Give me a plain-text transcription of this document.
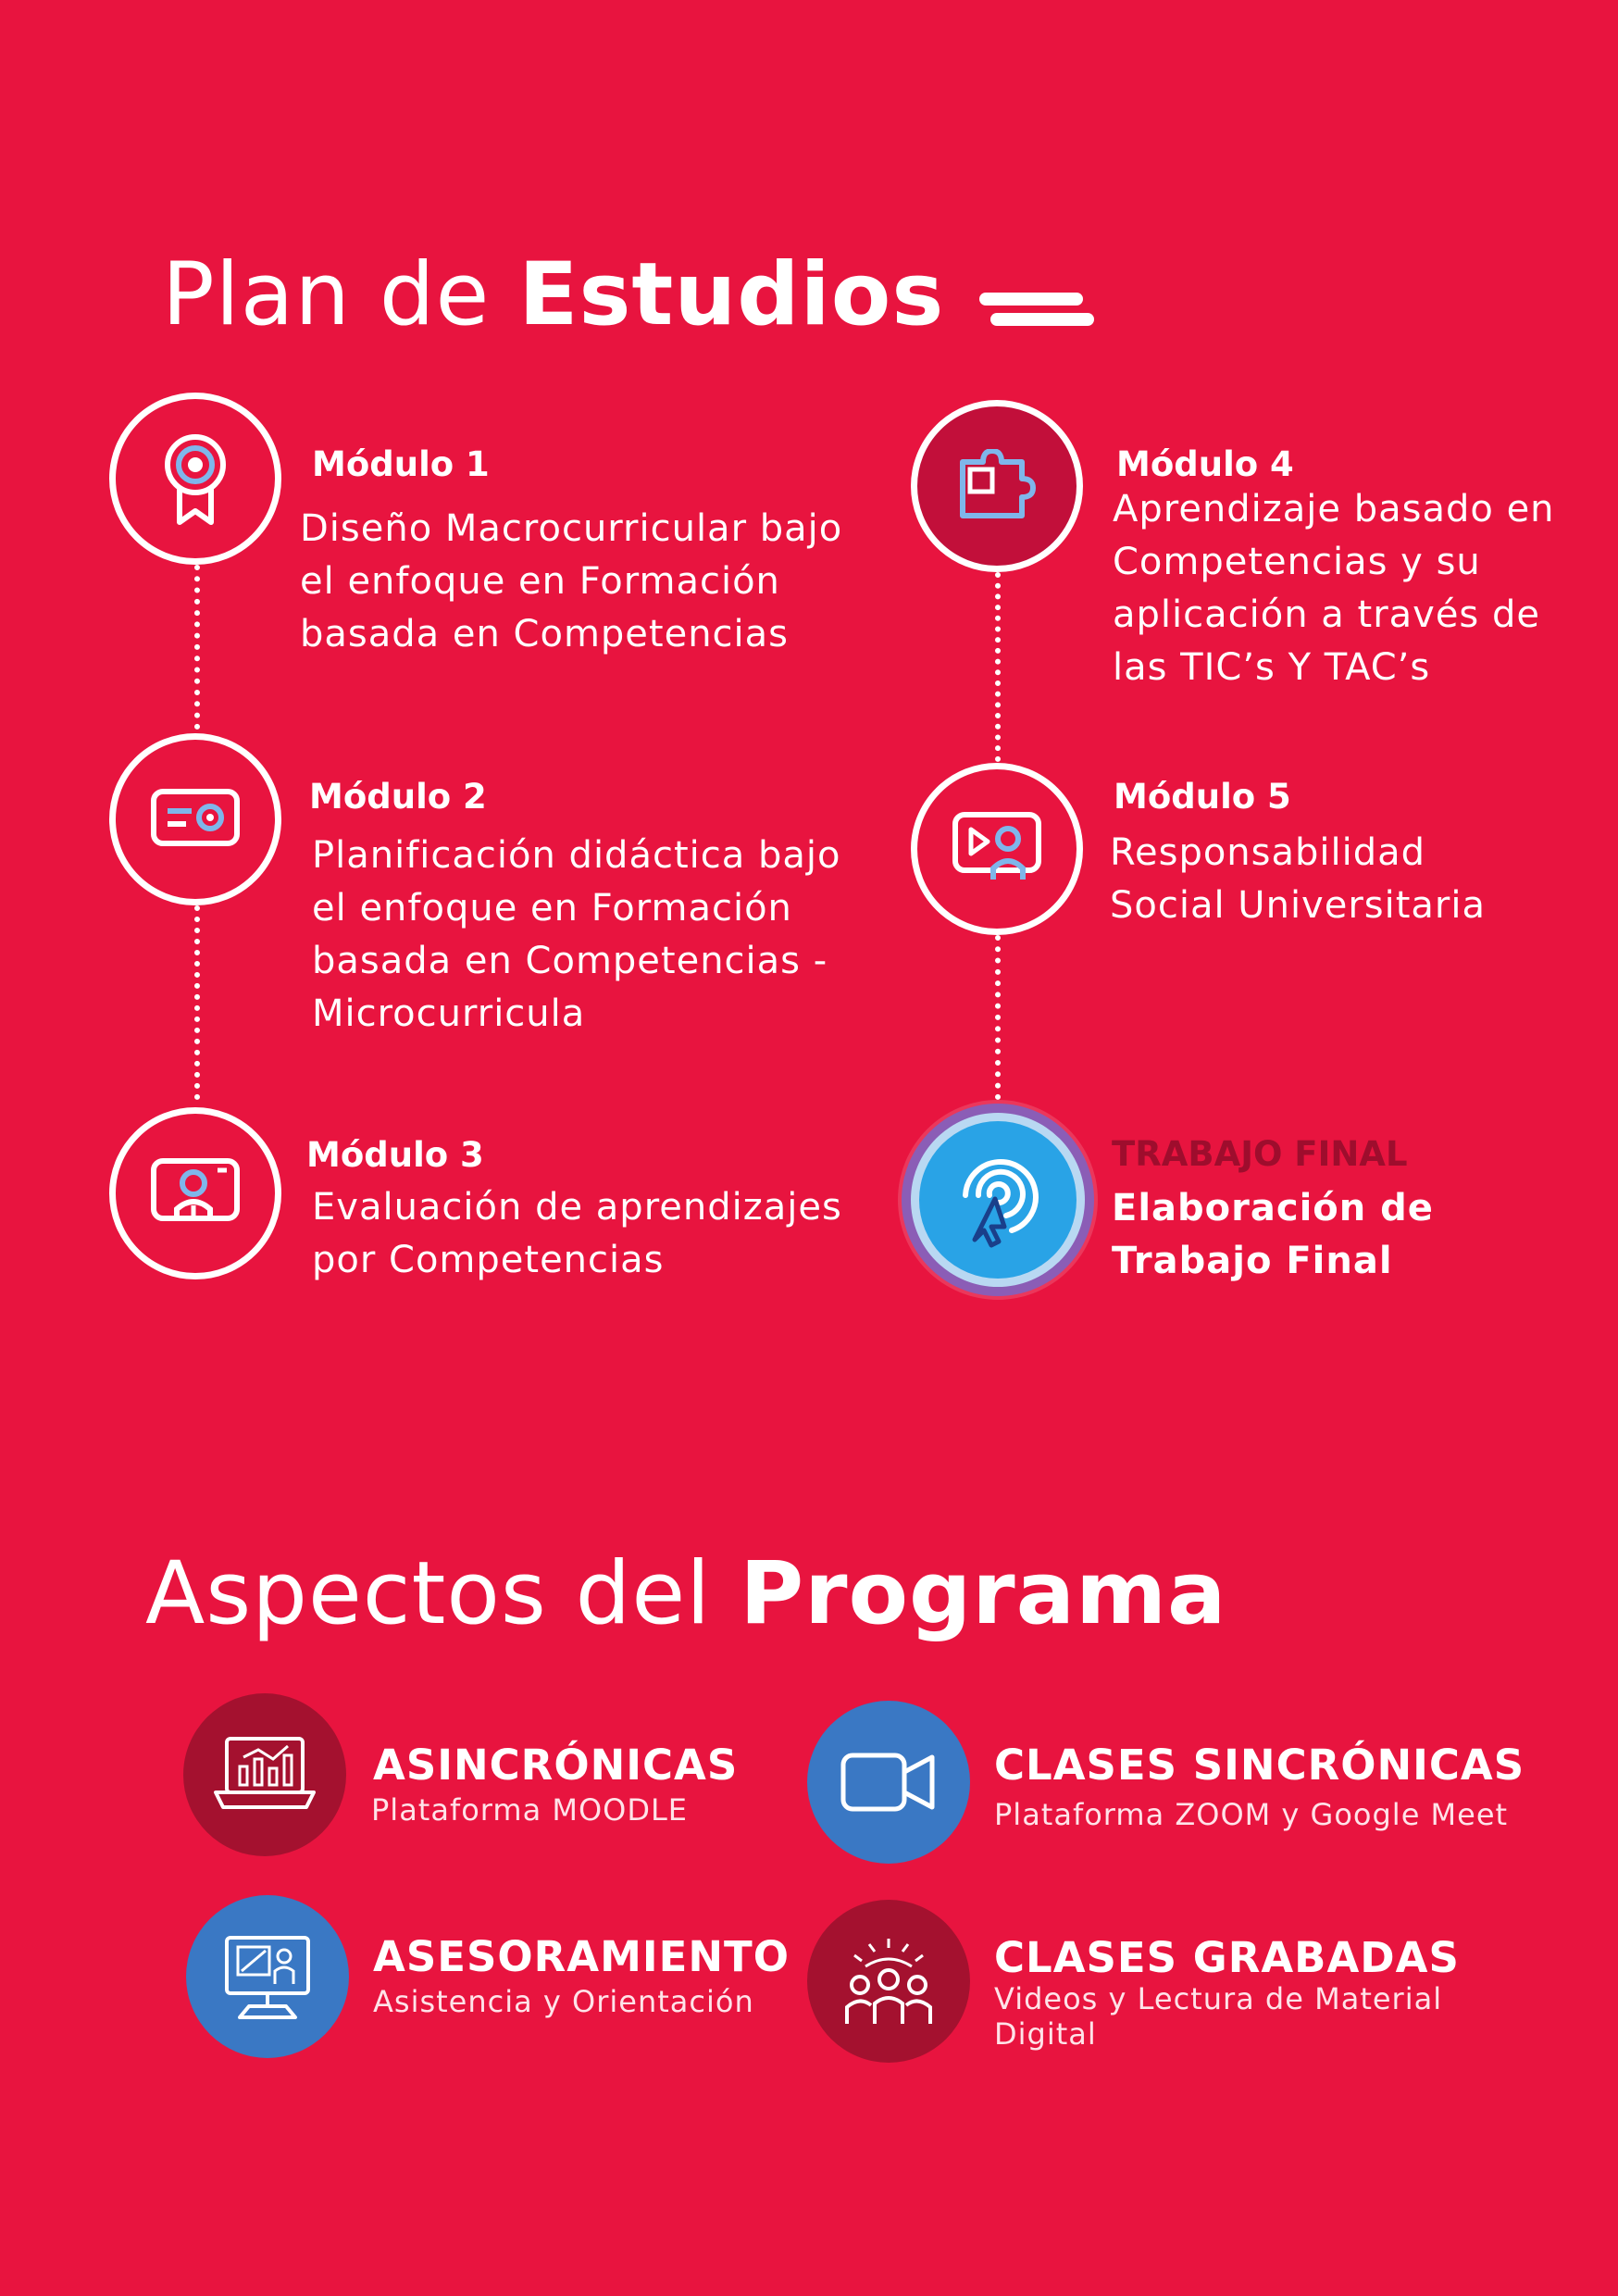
Plan de Estudios
Módulo 1
Diseño Macrocurricular bajo
el enfoque en Formación
basada en Competencias
Módulo 2
Planificación didáctica bajo
el enfoque en Formación
basada en Competencias -
Microcurricula
Módulo 3
Evaluación de aprendizajes
por Competencias
Módulo 4
Aprendizaje basado en
Competencias y su
aplicación a través de
las TIC’s Y TAC’s
Módulo 5
Responsabilidad
Social Universitaria
TRABAJO FINAL
Elaboración de
Trabajo Final
Aspectos del Programa
ASINCRÓNICAS
Plataforma MOODLE
CLASES SINCRÓNICAS
Plataforma ZOOM y Google Meet
ASESORAMIENTO
Asistencia y Orientación
CLASES GRABADAS
Videos y Lectura de Material
Digital
